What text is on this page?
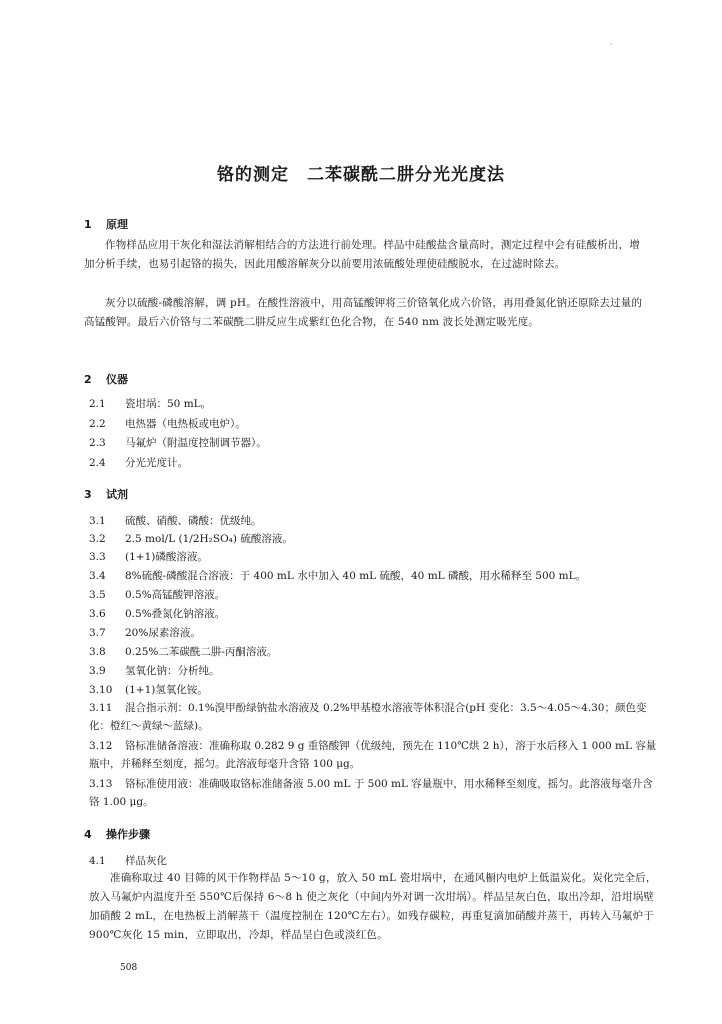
·
铬的测定 二苯碳酰二肼分光光度法
1 原理
作物样品应用干灰化和湿法消解相结合的方法进行前处理。样品中硅酸盐含量高时，测定过程中会有硅酸析出，增加分析手续，也易引起铬的损失，因此用酸溶解灰分以前要用浓硫酸处理使硅酸脱水，在过滤时除去。
灰分以硫酸-磷酸溶解，调 pH。在酸性溶液中，用高锰酸钾将三价铬氧化成六价铬，再用叠氮化钠还原除去过量的高锰酸钾。最后六价铬与二苯碳酰二肼反应生成紫红色化合物，在 540 nm 波长处测定吸光度。
2 仪器
2.1 瓷坩埚：50 mL。
2.2 电热器（电热板或电炉）。
2.3 马氟炉（附温度控制调节器）。
2.4 分光光度计。
3 试剂
3.1 硫酸、硝酸、磷酸：优级纯。
3.2 2.5 mol/L (1/2H₂SO₄) 硫酸溶液。
3.3 (1+1)磷酸溶液。
3.4 8%硫酸-磷酸混合溶液：于 400 mL 水中加入 40 mL 硫酸，40 mL 磷酸，用水稀释至 500 mL。
3.5 0.5%高锰酸钾溶液。
3.6 0.5%叠氮化钠溶液。
3.7 20%尿素溶液。
3.8 0.25%二苯碳酰二肼-丙酮溶液。
3.9 氢氧化钠：分析纯。
3.10 (1+1)氢氧化铵。
3.11 混合指示剂：0.1%溴甲酚绿钠盐水溶液及 0.2%甲基橙水溶液等体积混合(pH 变化：3.5～4.05～4.30；颜色变化：橙红～黄绿～蓝绿)。
3.12 铬标准储备溶液：准确称取 0.282 9 g 重铬酸钾（优级纯，预先在 110℃烘 2 h），溶于水后移入 1 000 mL 容量瓶中，并稀释至刻度，摇匀。此溶液每毫升含铬 100 μg。
3.13 铬标准使用液：准确吸取铬标准储备液 5.00 mL 于 500 mL 容量瓶中，用水稀释至刻度，摇匀。此溶液每毫升含铬 1.00 μg。
4 操作步骤
4.1 样品灰化
准确称取过 40 目筛的风干作物样品 5～10 g，放入 50 mL 瓷坩埚中，在通风橱内电炉上低温炭化。炭化完全后，放入马氟炉内温度升至 550℃后保持 6～8 h 使之灰化（中间内外对调一次坩埚）。样品呈灰白色，取出冷却，沿坩埚壁加硝酸 2 mL，在电热板上消解蒸干（温度控制在 120℃左右）。如残存碳粒，再重复滴加硝酸并蒸干，再转入马氟炉于 900℃灰化 15 min，立即取出，冷却，样品呈白色或淡红色。
508
